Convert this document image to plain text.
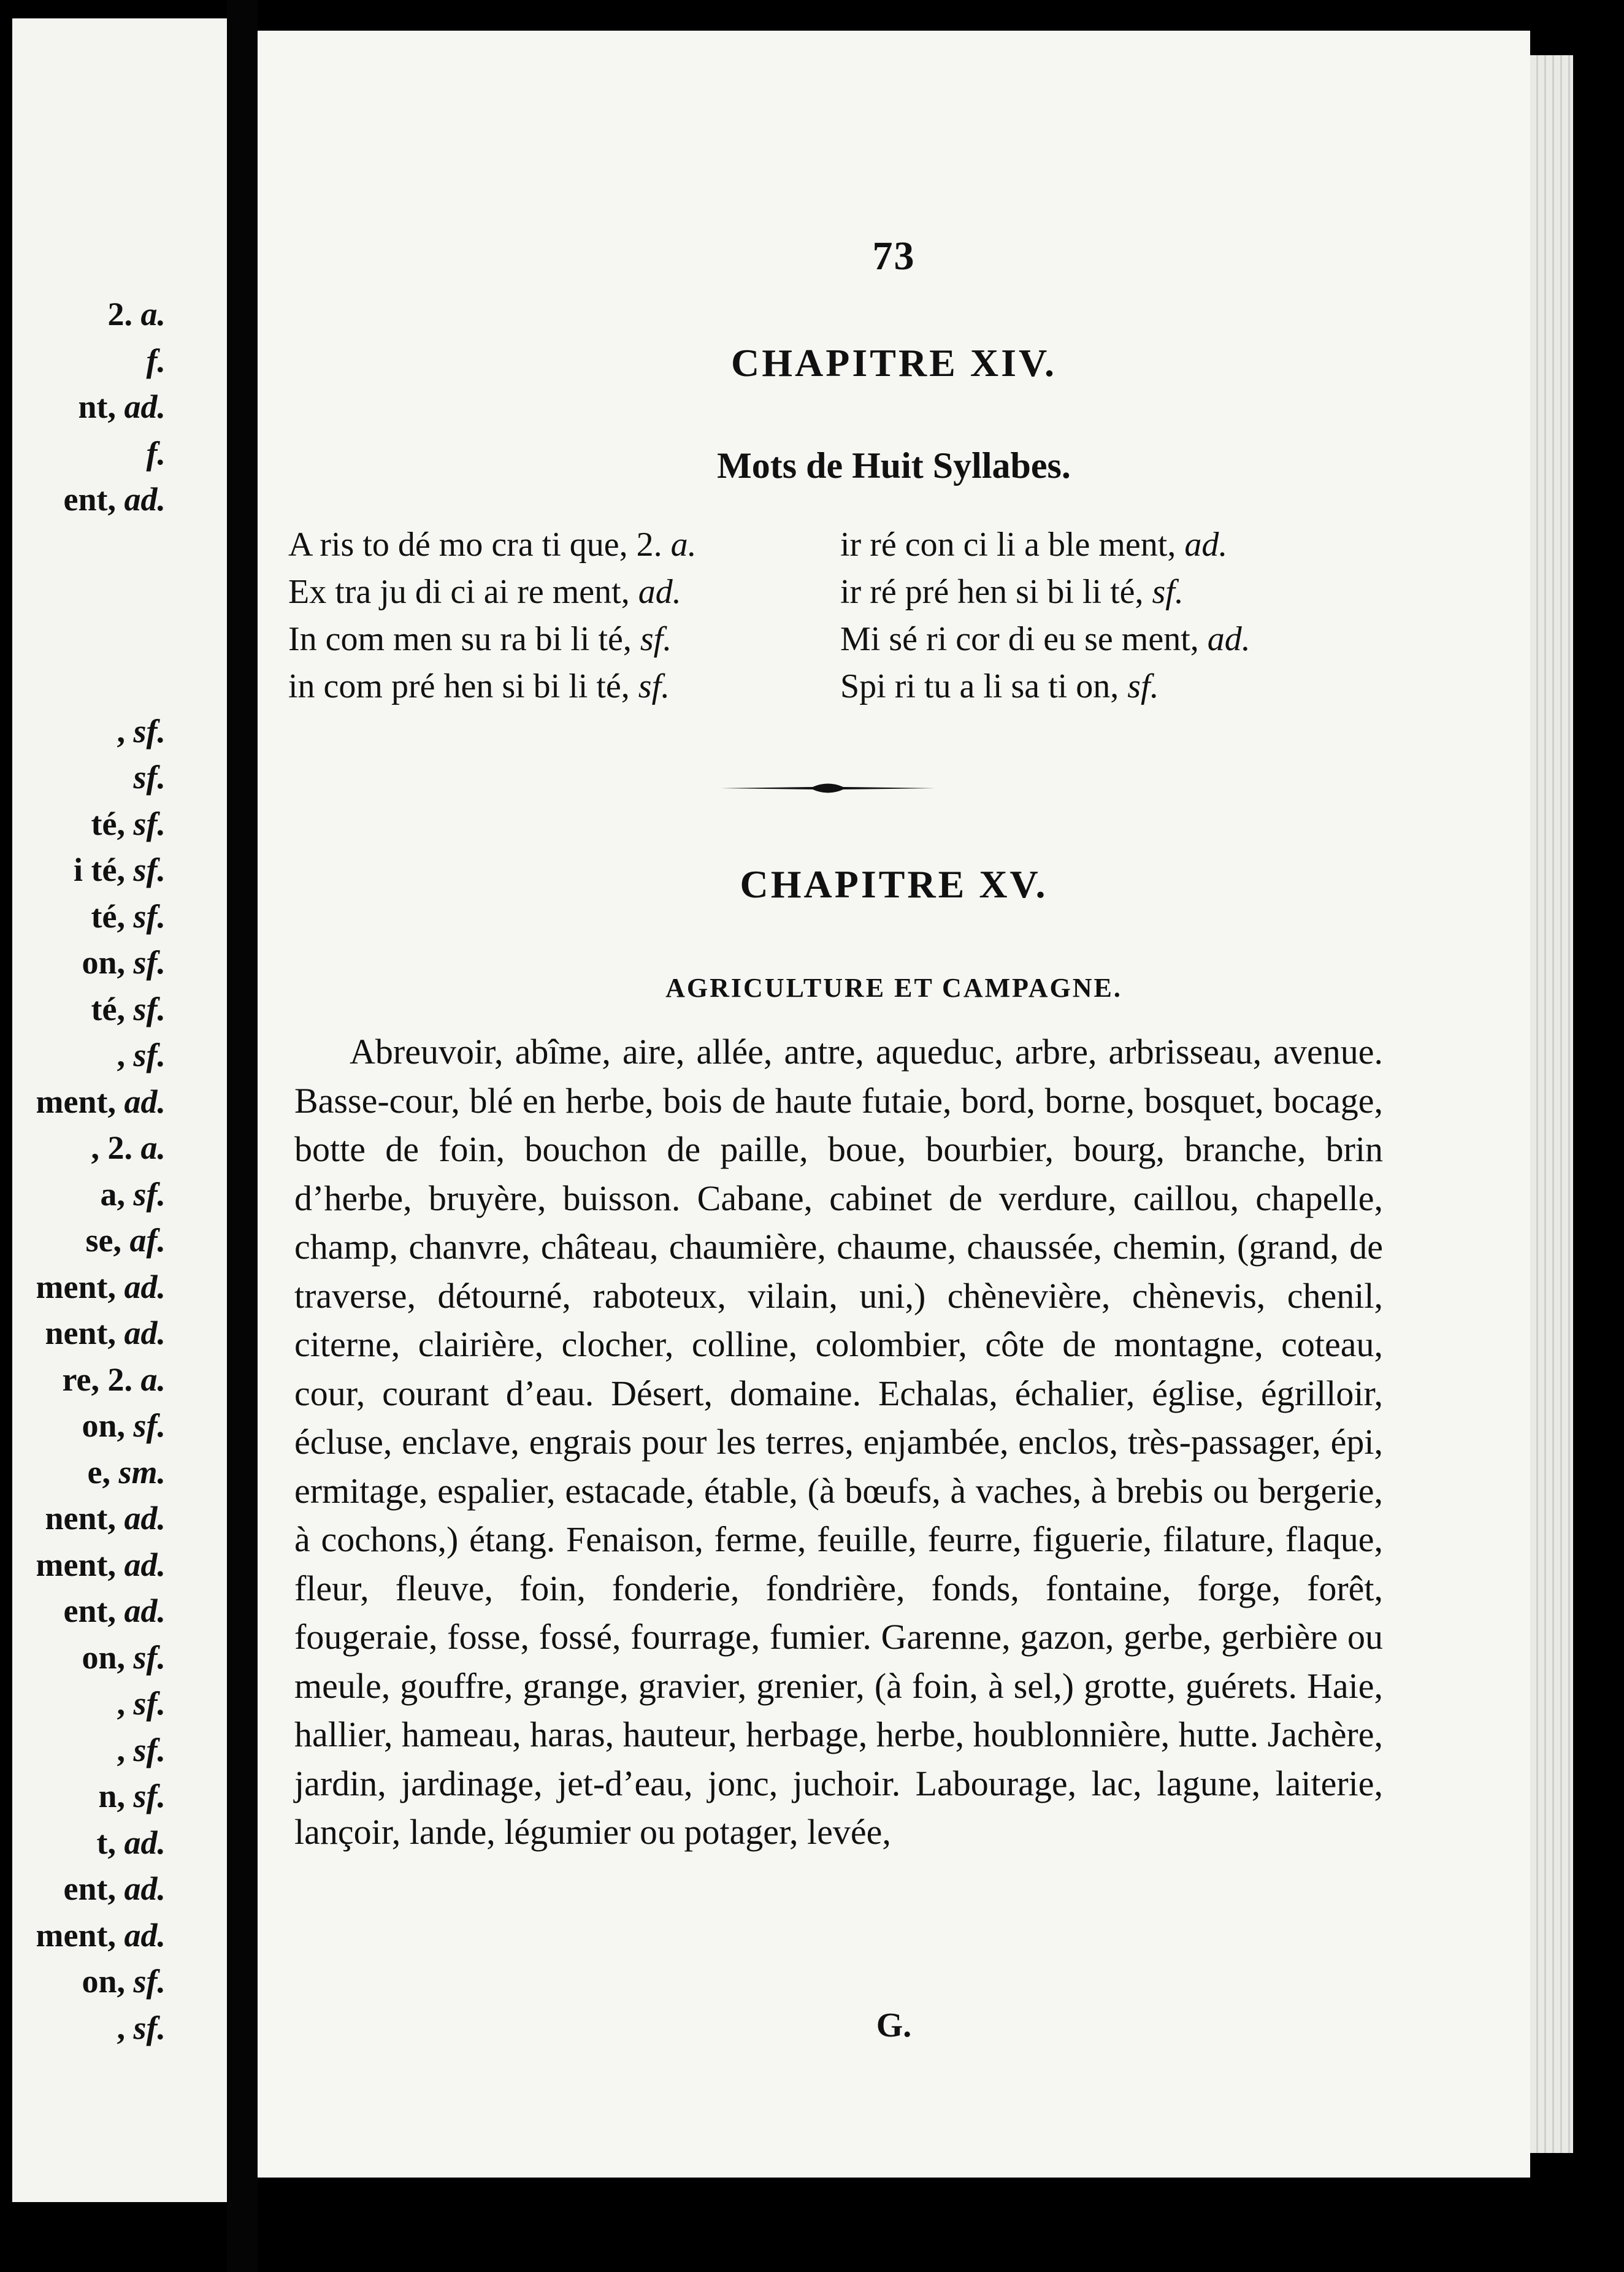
2. a.
f.
nt, ad.
f.
ent, ad.

, sf.
sf.
té, sf.
i té, sf.
té, sf.
on, sf.
té, sf.
, sf.
ment, ad.
, 2. a.
a, sf.
se, af.
ment, ad.
nent, ad.
re, 2. a.
on, sf.
e, sm.
nent, ad.
ment, ad.
ent, ad.
on, sf.
, sf.
, sf.
n, sf.
t, ad.
ent, ad.
ment, ad.
on, sf.
, sf.
73
CHAPITRE XIV.
Mots de Huit Syllabes.
A ris to dé mo cra ti que, 2. a.	ir ré con ci li a ble ment, ad.
Ex tra ju di ci ai re ment, ad.	ir ré pré hen si bi li té, sf.
In com men su ra bi li té, sf.	Mi sé ri cor di eu se ment, ad.
in com pré hen si bi li té, sf.	Spi ri tu a li sa ti on, sf.
CHAPITRE XV.
AGRICULTURE ET CAMPAGNE.
Abreuvoir, abîme, aire, allée, antre, aqueduc, arbre, arbrisseau, avenue. Basse-cour, blé en herbe, bois de haute futaie, bord, borne, bosquet, bocage, botte de foin, bouchon de paille, boue, bourbier, bourg, branche, brin d’herbe, bruyère, buisson. Cabane, cabinet de verdure, caillou, chapelle, champ, chanvre, château, chaumière, chaume, chaussée, chemin, (grand, de traverse, détourné, raboteux, vilain, uni,) chènevière, chènevis, chenil, citerne, clairière, clocher, colline, colombier, côte de montagne, coteau, cour, courant d’eau. Désert, domaine. Echalas, échalier, église, égrilloir, écluse, enclave, engrais pour les terres, enjambée, enclos, très-passager, épi, ermitage, espalier, estacade, étable, (à bœufs, à vaches, à brebis ou bergerie, à cochons,) étang. Fenaison, ferme, feuille, feurre, figuerie, filature, flaque, fleur, fleuve, foin, fonderie, fondrière, fonds, fontaine, forge, forêt, fougeraie, fosse, fossé, fourrage, fumier. Garenne, gazon, gerbe, gerbière ou meule, gouffre, grange, gravier, grenier, (à foin, à sel,) grotte, guérets. Haie, hallier, hameau, haras, hauteur, herbage, herbe, houblonnière, hutte. Jachère, jardin, jardinage, jet-d’eau, jonc, juchoir. Labourage, lac, lagune, laiterie, lançoir, lande, légumier ou potager, levée,
G.
